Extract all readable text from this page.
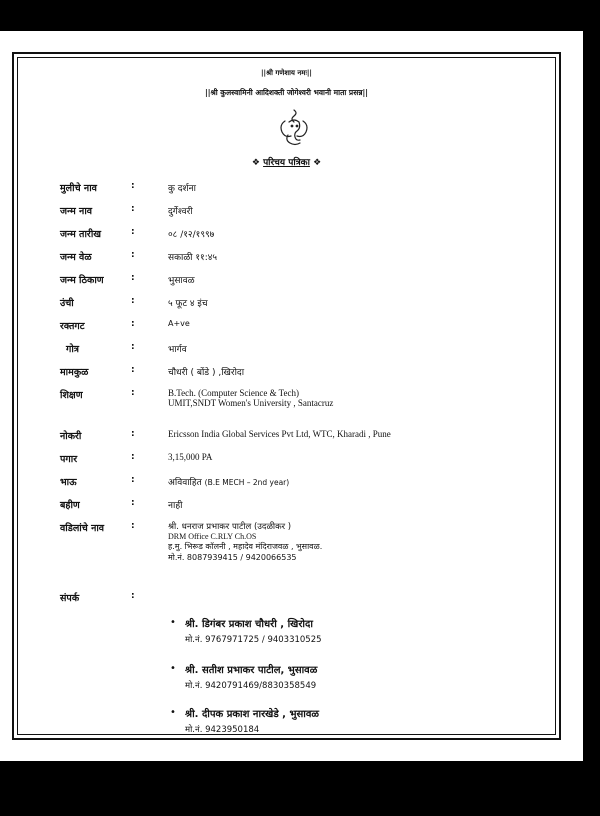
||श्री गणेशाय नमः||
||श्री कुलस्वामिनी आदिशक्ती जोगेश्वरी भवानी माता प्रसन्न||
❖ परिचय पत्रिका ❖
मुलीचे नाव	:	कु दर्शना
जन्म नाव	:	दुर्गेश्वरी
जन्म तारीख	:	०८ /१२/१९९७
जन्म वेळ	:	सकाळी ११:४५
जन्म ठिकाण	:	भुसावळ
उंची	:	५ फूट ४ इंच
रक्तगट	:	A+ve
गोत्र	:	भार्गव
मामकुळ	:	चौधरी ( बोंडे ) ,खिरोदा
शिक्षण	:	B.Tech. (Computer Science & Tech)
UMIT,SNDT Women's University , Santacruz
नोकरी	:	Ericsson India Global Services Pvt Ltd, WTC, Kharadi , Pune
पगार	:	3,15,000 PA
भाऊ	:	अविवाहित (B.E MECH – 2nd year)
बहीण	:	नाही
वडिलांचे नाव	:	श्री. धनराज प्रभाकर पाटील (उदळीकर )
DRM Office C.RLY Ch.OS
ह.मु. भिरूड कॉलनी , महादेव मंदिराजवळ , भुसावळ.
मो.नं. 8087939415 / 9420066535
संपर्क	:
• श्री. डिगंबर प्रकाश चौधरी , खिरोदा
मो.नं. 9767971725 / 9403310525
• श्री. सतीश प्रभाकर पाटील, भुसावळ
मो.नं. 9420791469/8830358549
• श्री. दीपक प्रकाश नारखेडे , भुसावळ
मो.नं. 9423950184
